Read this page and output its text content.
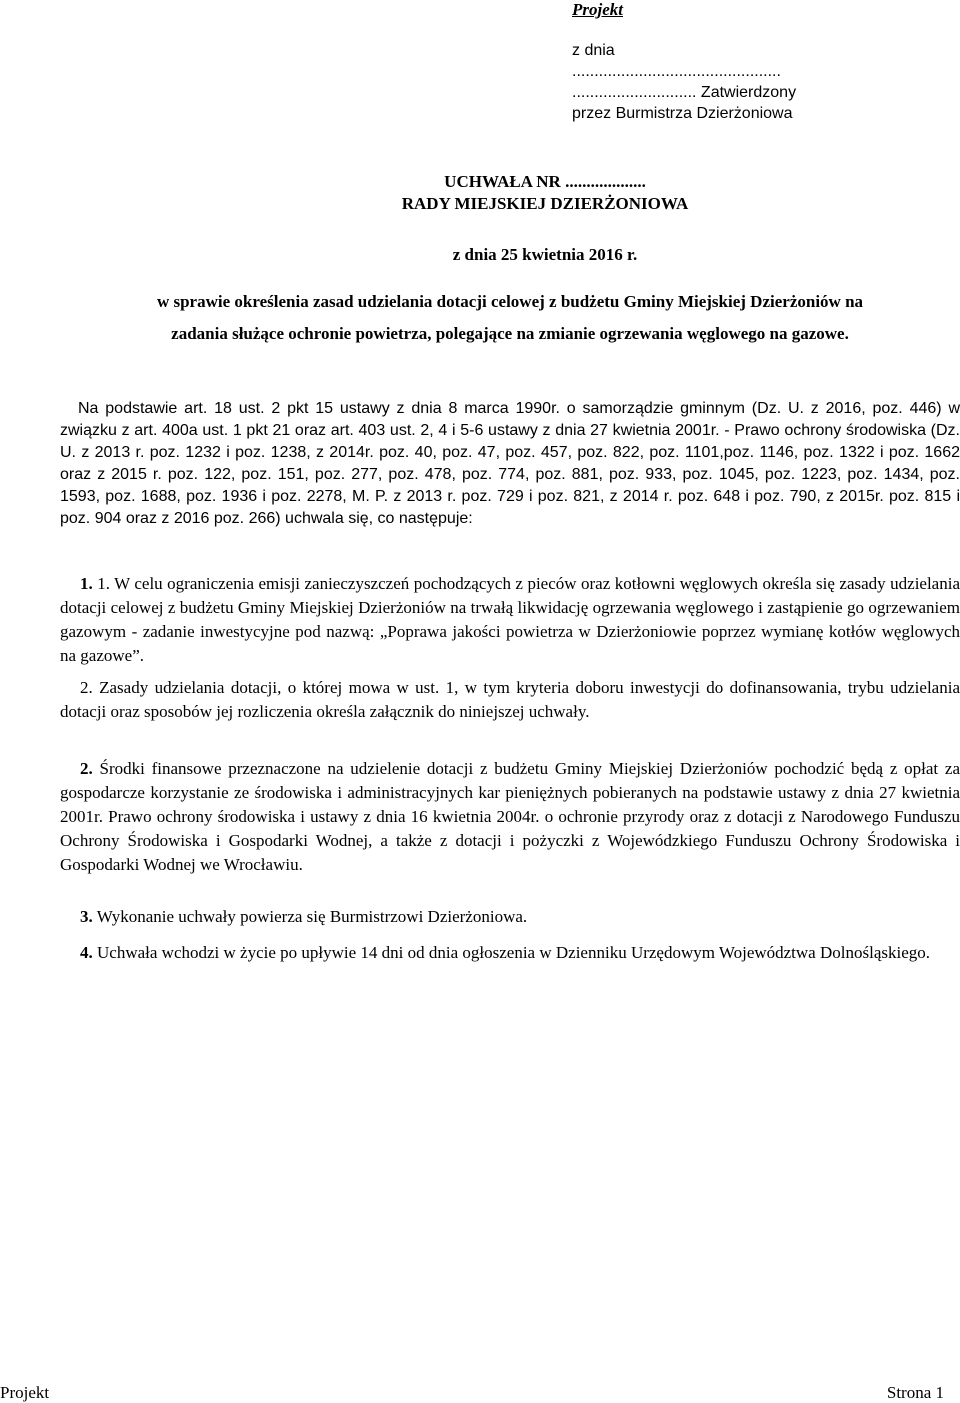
Projekt
z dnia
...............................................
............................ Zatwierdzony
przez Burmistrza Dzierżoniowa
UCHWAŁA NR ...................
RADY MIEJSKIEJ DZIERŻONIOWA
z dnia 25 kwietnia 2016 r.
w sprawie określenia zasad udzielania dotacji celowej z budżetu Gminy Miejskiej Dzierżoniów na
zadania służące ochronie powietrza, polegające na zmianie ogrzewania węglowego na gazowe.
Na podstawie art. 18 ust. 2 pkt 15 ustawy z dnia 8 marca 1990r. o samorządzie gminnym (Dz. U. z 2016, poz. 446) w związku z art. 400a ust. 1 pkt 21 oraz art. 403 ust. 2, 4 i 5-6 ustawy z dnia 27 kwietnia 2001r. - Prawo ochrony środowiska (Dz. U. z 2013 r. poz. 1232 i poz. 1238, z 2014r. poz. 40, poz. 47, poz. 457, poz. 822, poz. 1101,poz. 1146, poz. 1322 i poz. 1662 oraz z 2015 r. poz. 122, poz. 151, poz. 277, poz. 478, poz. 774, poz. 881, poz. 933, poz. 1045, poz. 1223, poz. 1434, poz. 1593, poz. 1688, poz. 1936 i poz. 2278, M. P. z 2013 r. poz. 729 i poz. 821, z 2014 r. poz. 648 i poz. 790, z 2015r. poz. 815 i poz. 904 oraz z 2016 poz. 266) uchwala się, co następuje:
1. 1. W celu ograniczenia emisji zanieczyszczeń pochodzących z pieców oraz kotłowni węglowych określa się zasady udzielania dotacji celowej z budżetu Gminy Miejskiej Dzierżoniów na trwałą likwidację ogrzewania węglowego i zastąpienie go ogrzewaniem gazowym - zadanie inwestycyjne pod nazwą: „Poprawa jakości powietrza w Dzierżoniowie poprzez wymianę kotłów węglowych na gazowe”.
2. Zasady udzielania dotacji, o której mowa w ust. 1, w tym kryteria doboru inwestycji do dofinansowania, trybu udzielania dotacji oraz sposobów jej rozliczenia określa załącznik do niniejszej uchwały.
2. Środki finansowe przeznaczone na udzielenie dotacji z budżetu Gminy Miejskiej Dzierżoniów pochodzić będą z opłat za gospodarcze korzystanie ze środowiska i administracyjnych kar pieniężnych pobieranych na podstawie ustawy z dnia 27 kwietnia 2001r. Prawo ochrony środowiska i ustawy z dnia 16 kwietnia 2004r. o ochronie przyrody oraz z dotacji z Narodowego Funduszu Ochrony Środowiska i Gospodarki Wodnej, a także z dotacji i pożyczki z Wojewódzkiego Funduszu Ochrony Środowiska i Gospodarki Wodnej we Wrocławiu.
3. Wykonanie uchwały powierza się Burmistrzowi Dzierżoniowa.
4. Uchwała wchodzi w życie po upływie 14 dni od dnia ogłoszenia w Dzienniku Urzędowym Województwa Dolnośląskiego.
Projekt	Strona 1
